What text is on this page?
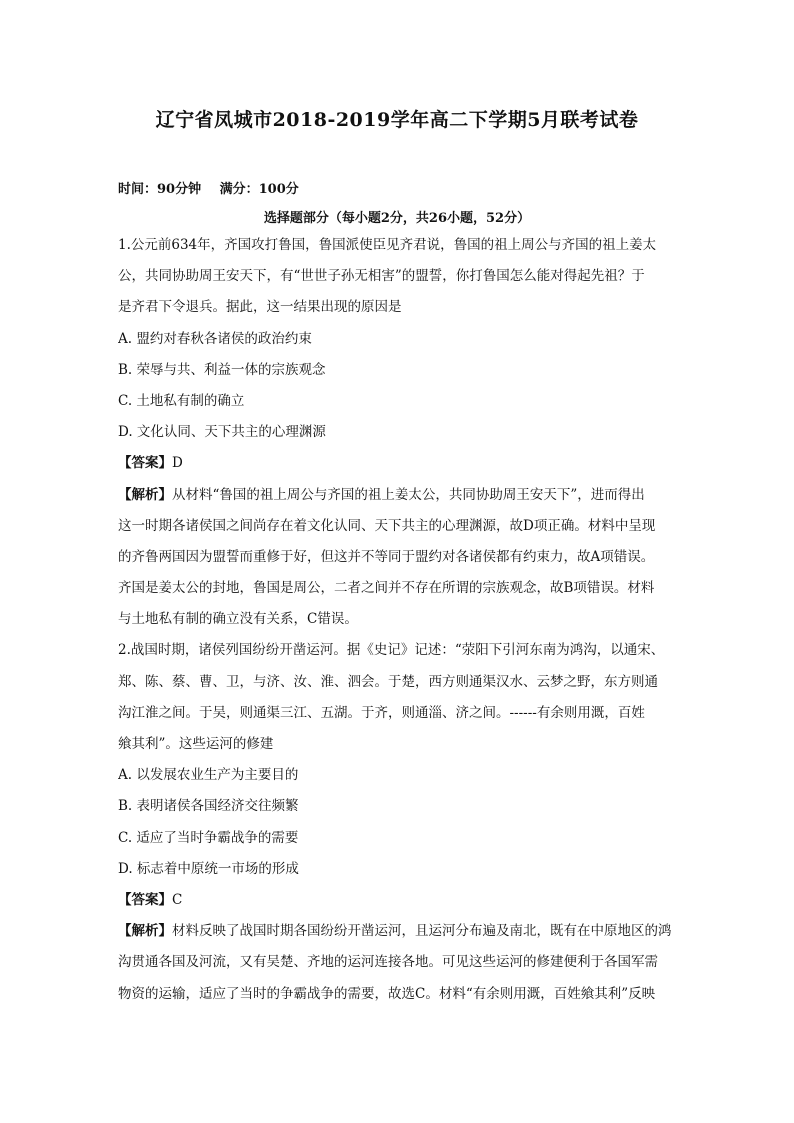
辽宁省凤城市2018-2019学年高二下学期5月联考试卷
时间：90分钟 满分：100分
选择题部分（每小题2分，共26小题，52分）
1.公元前634年，齐国攻打鲁国，鲁国派使臣见齐君说，鲁国的祖上周公与齐国的祖上姜太
公，共同协助周王安天下，有“世世子孙无相害”的盟誓，你打鲁国怎么能对得起先祖？于
是齐君下令退兵。据此，这一结果出现的原因是
A. 盟约对春秋各诸侯的政治约束
B. 荣辱与共、利益一体的宗族观念
C. 土地私有制的确立
D. 文化认同、天下共主的心理渊源
【答案】D
【解析】从材料“鲁国的祖上周公与齐国的祖上姜太公，共同协助周王安天下”，进而得出
这一时期各诸侯国之间尚存在着文化认同、天下共主的心理渊源，故D项正确。材料中呈现
的齐鲁两国因为盟誓而重修于好，但这并不等同于盟约对各诸侯都有约束力，故A项错误。
齐国是姜太公的封地，鲁国是周公，二者之间并不存在所谓的宗族观念，故B项错误。材料
与土地私有制的确立没有关系，C错误。
2.战国时期，诸侯列国纷纷开凿运河。据《史记》记述：“荥阳下引河东南为鸿沟，以通宋、
郑、陈、蔡、曹、卫，与济、汝、淮、泗会。于楚，西方则通渠汉水、云梦之野，东方则通
沟江淮之间。于吴，则通渠三江、五湖。于齐，则通淄、济之间。------有余则用溉，百姓
飨其利”。这些运河的修建
A. 以发展农业生产为主要目的
B. 表明诸侯各国经济交往频繁
C. 适应了当时争霸战争的需要
D. 标志着中原统一市场的形成
【答案】C
【解析】材料反映了战国时期各国纷纷开凿运河，且运河分布遍及南北，既有在中原地区的鸿
沟贯通各国及河流，又有吴楚、齐地的运河连接各地。可见这些运河的修建便利于各国军需
物资的运输，适应了当时的争霸战争的需要，故选C。材料“有余则用溉，百姓飨其利”反映
